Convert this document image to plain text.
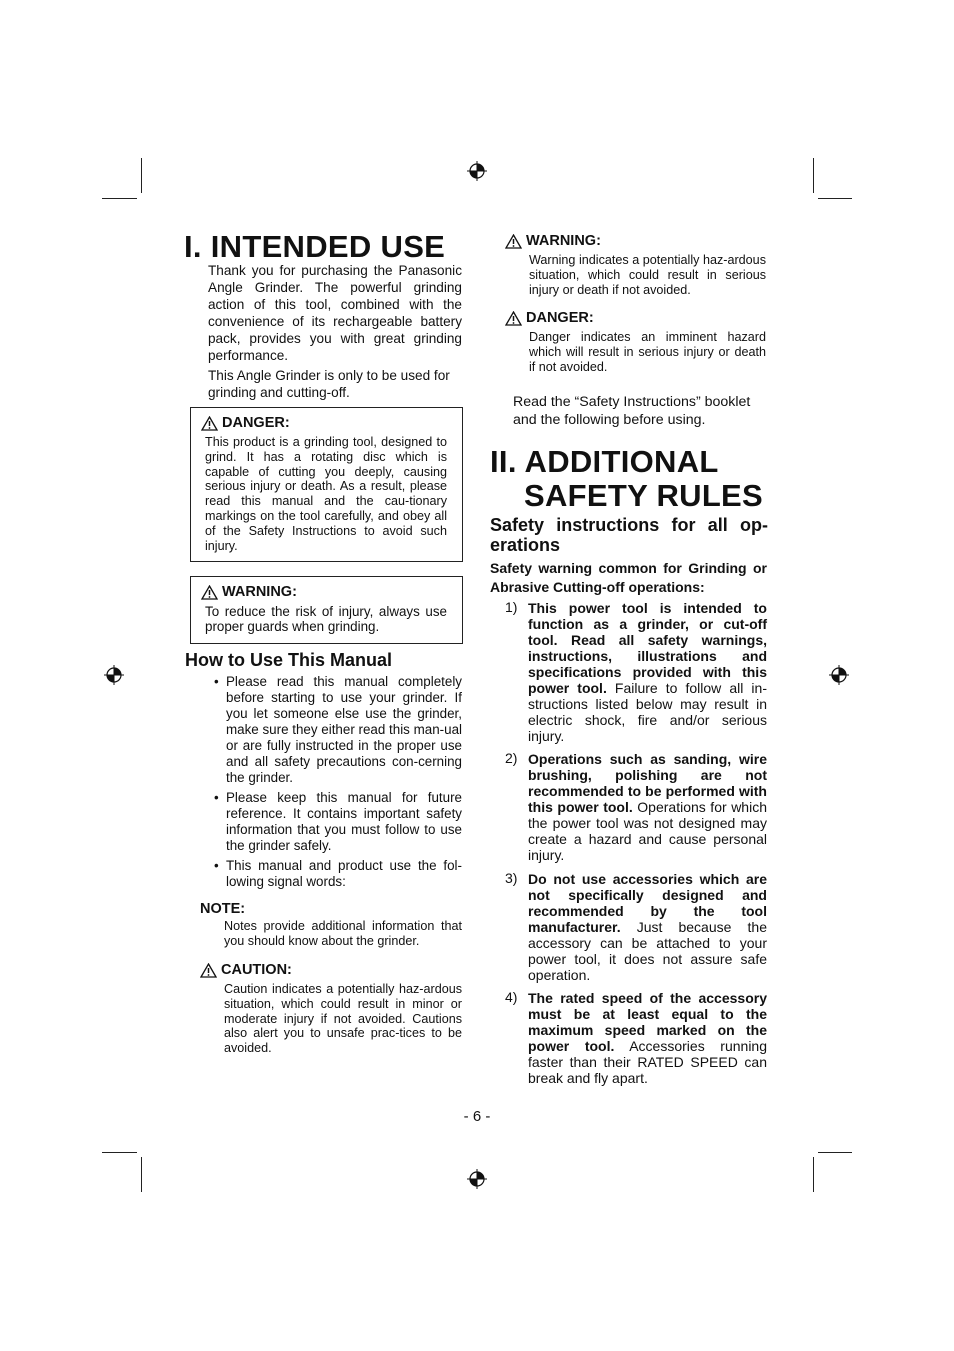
I. INTENDED USE
Thank you for purchasing the Panasonic Angle Grinder. The powerful grinding action of this tool, combined with the convenience of its rechargeable battery pack, provides you with great grinding performance.
This Angle Grinder is only to be used for grinding and cutting-off.
DANGER:
This product is a grinding tool, designed to grind. It has a rotating disc which is capable of cutting you deeply, causing serious injury or death. As a result, please read this manual and the cau-tionary markings on the tool carefully, and obey all of the Safety Instructions to avoid such injury.
WARNING:
To reduce the risk of injury, always use proper guards when grinding.
How to Use This Manual
• Please read this manual completely before starting to use your grinder. If you let someone else use the grinder, make sure they either read this man-ual or are fully instructed in the proper use and all safety precautions con-cerning the grinder.
• Please keep this manual for future reference. It contains important safety information that you must follow to use the grinder safely.
• This manual and product use the fol-lowing signal words:
NOTE:
Notes provide additional information that you should know about the grinder.
CAUTION:
Caution indicates a potentially haz-ardous situation, which could result in minor or moderate injury if not avoided. Cautions also alert you to unsafe prac-tices to be avoided.
WARNING:
Warning indicates a potentially haz-ardous situation, which could result in serious injury or death if not avoided.
DANGER:
Danger indicates an imminent hazard which will result in serious injury or death if not avoided.
Read the “Safety Instructions” booklet and the following before using.
II. ADDITIONAL
SAFETY RULES
Safety instructions for all op-erations
Safety warning common for Grinding or Abrasive Cutting-off operations:
1) This power tool is intended to function as a grinder, or cut-off tool. Read all safety warnings, instructions, illustrations and specifications provided with this power tool. Failure to follow all in-structions listed below may result in electric shock, fire and/or serious injury.
2) Operations such as sanding, wire brushing, polishing are not recommended to be performed with this power tool. Operations for which the power tool was not designed may create a hazard and cause personal injury.
3) Do not use accessories which are not specifically designed and recommended by the tool manufacturer. Just because the accessory can be attached to your power tool, it does not assure safe operation.
4) The rated speed of the accessory must be at least equal to the maximum speed marked on the power tool. Accessories running faster than their RATED SPEED can break and fly apart.
- 6 -
